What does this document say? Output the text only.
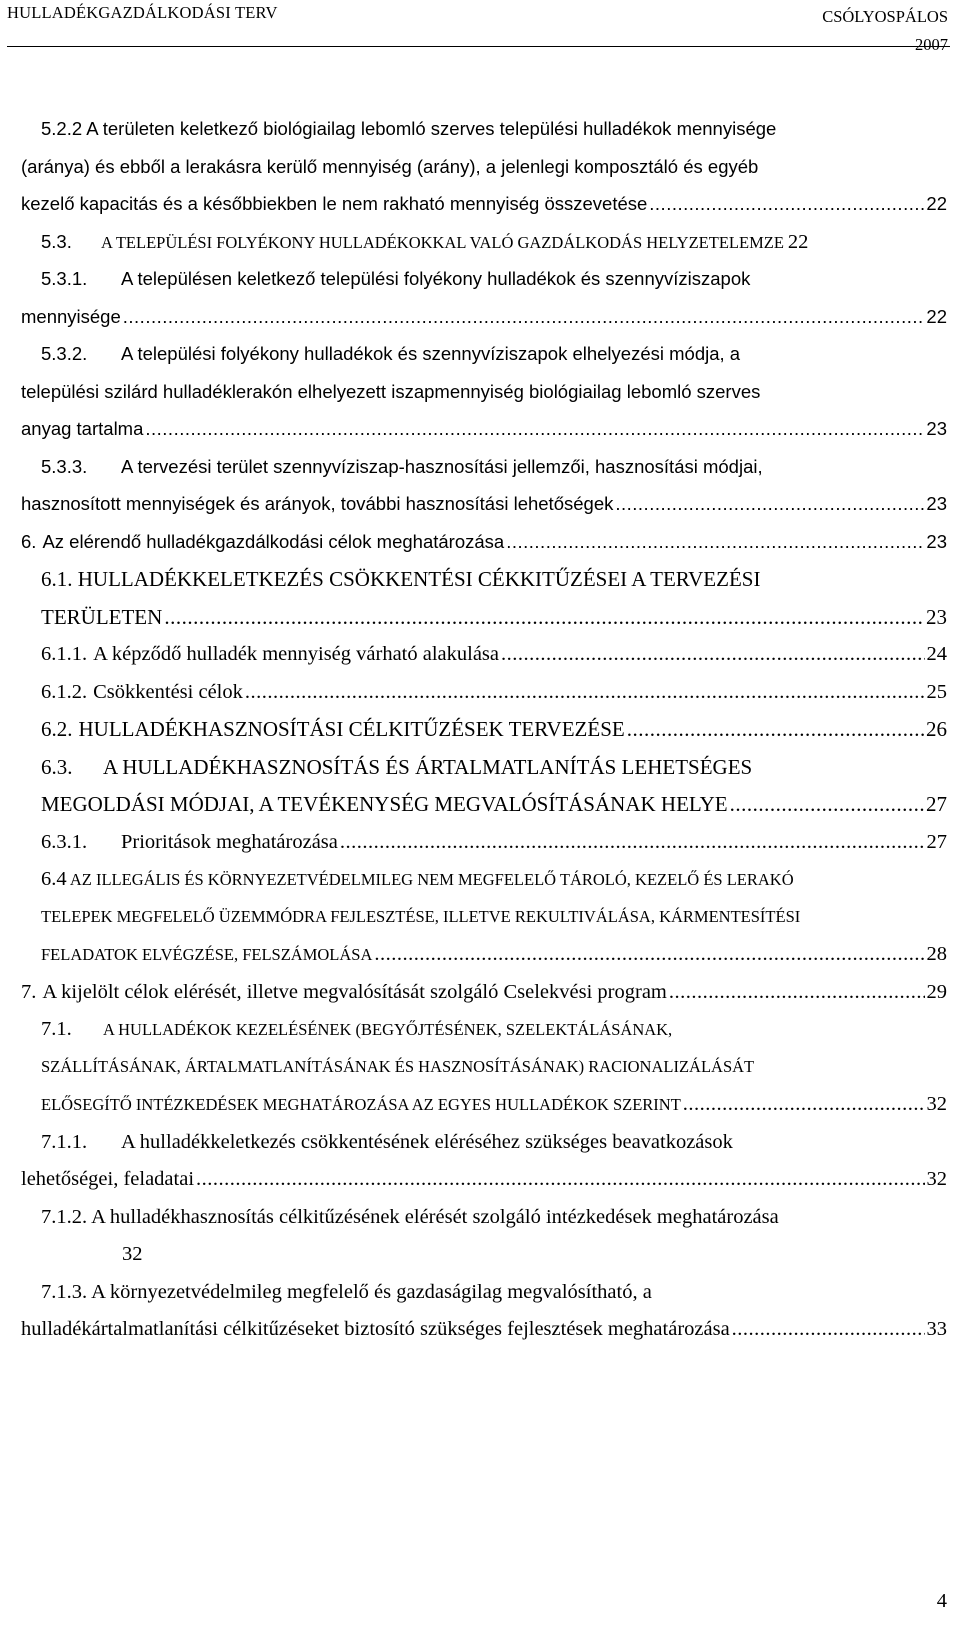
HULLADÉKGAZDÁLKODÁSI TERV	CSÓLYOSPÁLOS
2007
5.2.2 A területen keletkező biológiailag lebomló szerves települési hulladékok mennyisége
(aránya) és ebből a lerakásra kerülő mennyiség (arány), a jelenlegi komposztáló és egyéb
kezelő kapacitás és a későbbiekben le nem rakható mennyiség összevetése .....	22
5.3.	A TELEPÜLÉSI FOLYÉKONY HULLADÉKOKKAL VALÓ GAZDÁLKODÁS HELYZETELEMZE 22
5.3.1. A településen keletkező települési folyékony hulladékok és szennyvíziszapok
mennyisége .....	22
5.3.2. A települési folyékony hulladékok és szennyvíziszapok elhelyezési módja, a
települési szilárd hulladéklerakón elhelyezett iszapmennyiség biológiailag lebomló szerves
anyag tartalma .....	23
5.3.3. A tervezési terület szennyvíziszap-hasznosítási jellemzői, hasznosítási módjai,
hasznosított mennyiségek és arányok, további hasznosítási lehetőségek .....	23
6. Az elérendő hulladékgazdálkodási célok meghatározása .....	23
6.1. HULLADÉKKELETKEZÉS CSÖKKENTÉSI CÉKKITŰZÉSEI A TERVEZÉSI
TERÜLETEN .....	23
6.1.1. A képződő hulladék mennyiség várható alakulása .....	24
6.1.2. Csökkentési célok .....	25
6.2. HULLADÉKHASZNOSÍTÁSI CÉLKITŰZÉSEK TERVEZÉSE .....	26
6.3. A HULLADÉKHASZNOSÍTÁS ÉS ÁRTALMATLANÍTÁS LEHETSÉGES
MEGOLDÁSI MÓDJAI, A TEVÉKENYSÉG MEGVALÓSÍTÁSÁNAK HELYE .....	27
6.3.1.	Prioritások meghatározása .....	27
6.4 AZ ILLEGÁLIS ÉS KÖRNYEZETVÉDELMILEG NEM MEGFELELŐ TÁROLÓ, KEZELŐ ÉS LERAKÓ
TELEPEK MEGFELELŐ ÜZEMMÓDRA FEJLESZTÉSE, ILLETVE REKULTIVÁLÁSA, KÁRMENTESÍTÉSI
FELADATOK ELVÉGZÉSE, FELSZÁMOLÁSA .....	28
7. A kijelölt célok elérését, illetve megvalósítását szolgáló Cselekvési program .....	29
7.1. A HULLADÉKOK KEZELÉSÉNEK (BEGYŐJTÉSÉNEK, SZELEKTÁLÁSÁNAK,
SZÁLLÍTÁSÁNAK, ÁRTALMATLANÍTÁSÁNAK ÉS HASZNOSÍTÁSÁNAK) RACIONALIZÁLÁSÁT
ELŐSEGÍTŐ INTÉZKEDÉSEK MEGHATÁROZÁSA AZ EGYES HULLADÉKOK SZERINT .....	32
7.1.1. A hulladékkeletkezés csökkentésének eléréséhez szükséges beavatkozások
lehetőségei, feladatai .....	32
7.1.2. A hulladékhasznosítás célkitűzésének elérését szolgáló intézkedések meghatározása
32
7.1.3. A környezetvédelmileg megfelelő és gazdaságilag megvalósítható, a
hulladékártalmatlanítási célkitűzéseket biztosító szükséges fejlesztések meghatározása .....	33
4
